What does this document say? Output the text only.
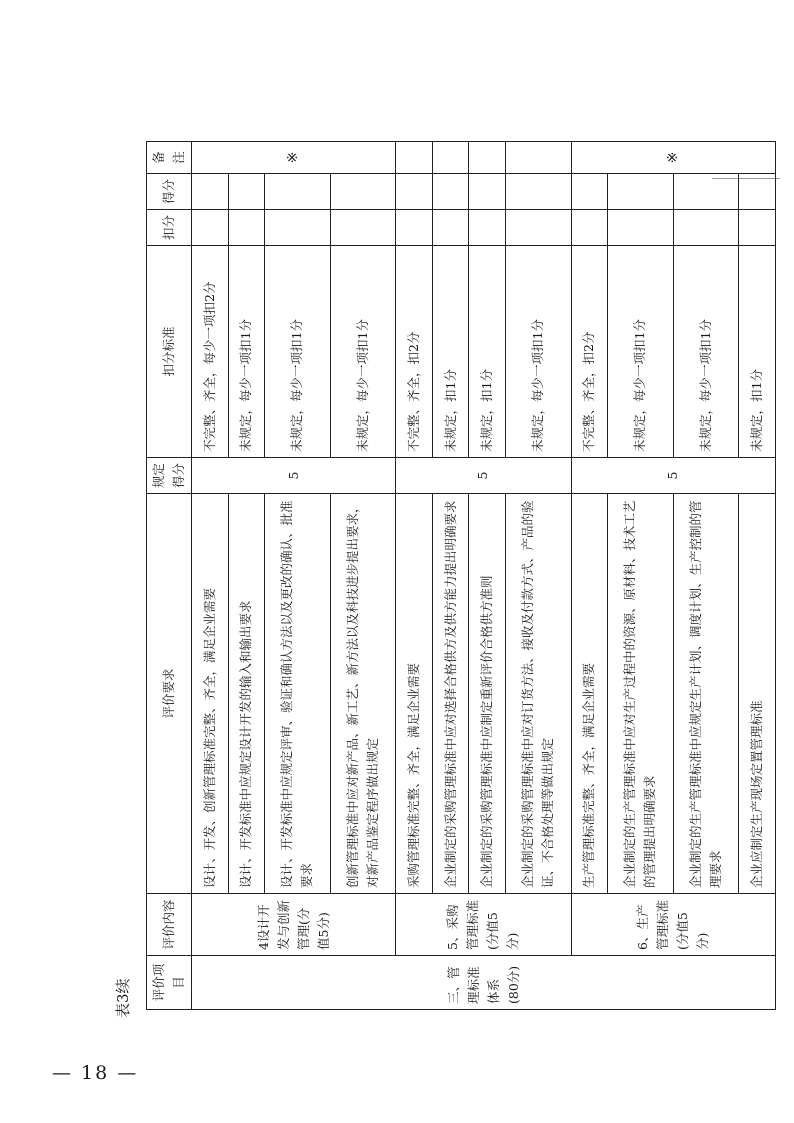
— 18 —
表3续 评价项目	评价内容	评价要求	规定得分	扣分标准	扣分	得分	备注
三、管理标准体系(80分)	4设计开发与创新管理(分值5分)	设计、开发、创新管理标准完整、齐全，满足企业需要	5	不完整、齐全，每少一项扣2分			※
		设计、开发标准中应规定设计开发的输入和输出要求		未规定，每少一项扣1分			
		设计、开发标准中应规定评审、验证和确认方法以及更改的确认、批准要求		未规定，每少一项扣1分			
		创新管理标准中应对新产品、新工艺、新方法以及科技进步提出要求，对新产品鉴定程序做出规定		未规定，每少一项扣1分			
	5、采购管理标准(分值5分)	采购管理标准完整、齐全，满足企业需要	5	不完整、齐全，扣2分			
		企业制定的采购管理标准中应对选择合格供方及供方能力提出明确要求		未规定，扣1分			
		企业制定的采购管理标准中应制定重新评价合格供方准则		未规定，扣1分			
		企业制定的采购管理标准中应对订货方法、接收及付款方式、产品的验证、不合格处理等做出规定		未规定，每少一项扣1分			
	6、生产管理标准(分值5分)	生产管理标准完整、齐全，满足企业需要	5	不完整、齐全，扣2分			※
		企业制定的生产管理标准中应对生产过程中的资源、原材料、技术工艺的管理提出明确要求		未规定，每少一项扣1分			
		企业制定的生产管理标准中应规定生产计划、调度计划、生产控制的管理要求		未规定，每少一项扣1分			
		企业应制定生产现场定置管理标准		未规定，扣1分			
